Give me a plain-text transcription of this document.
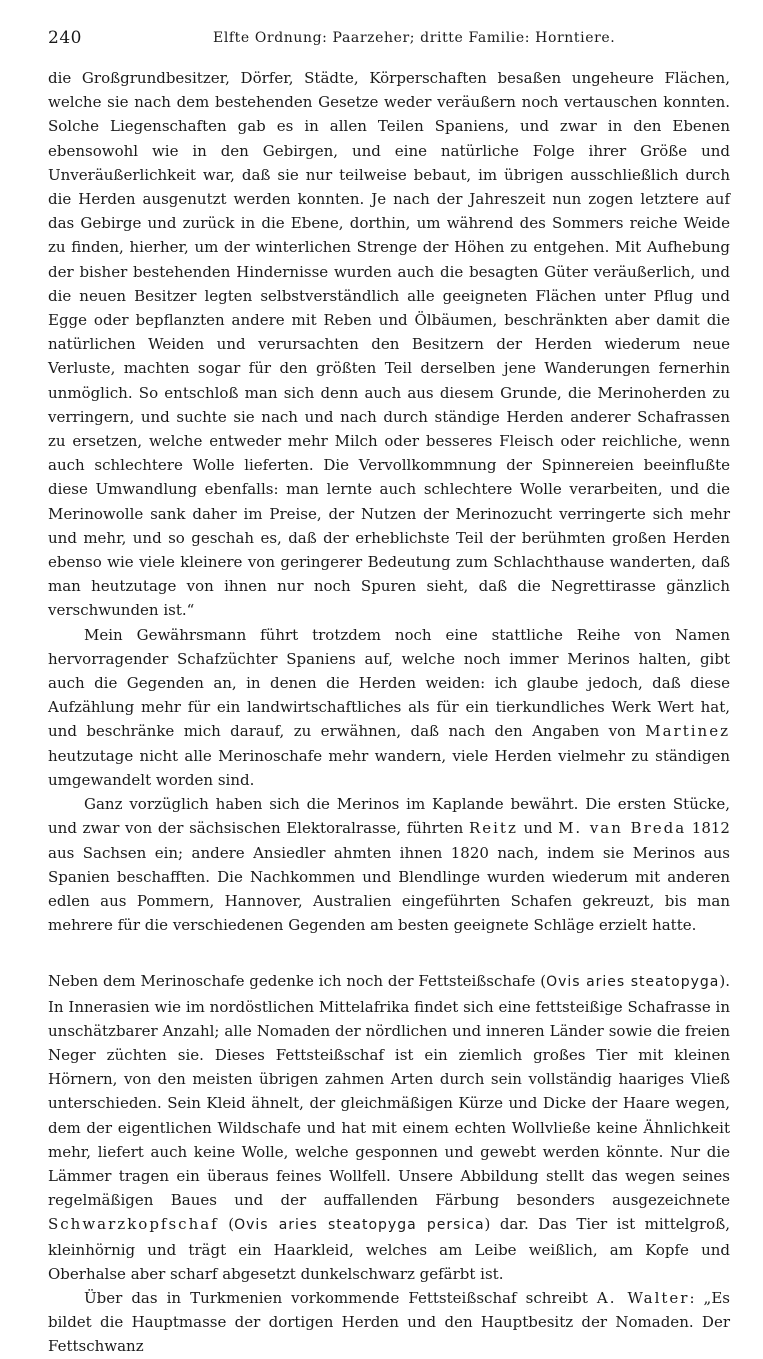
240	Elfte Ordnung: Paarzeher; dritte Familie: Horntiere.

die Großgrundbesitzer, Dörfer, Städte, Körperschaften besaßen ungeheure Flächen, welche sie nach dem bestehenden Gesetze weder veräußern noch vertauschen konnten. Solche Liegenschaften gab es in allen Teilen Spaniens, und zwar in den Ebenen ebensowohl wie in den Gebirgen, und eine natürliche Folge ihrer Größe und Unveräußerlichkeit war, daß sie nur teilweise bebaut, im übrigen ausschließlich durch die Herden ausgenutzt werden konnten. Je nach der Jahreszeit nun zogen letztere auf das Gebirge und zurück in die Ebene, dorthin, um während des Sommers reiche Weide zu finden, hierher, um der winterlichen Strenge der Höhen zu entgehen. Mit Aufhebung der bisher bestehenden Hindernisse wurden auch die besagten Güter veräußerlich, und die neuen Besitzer legten selbstverständlich alle geeigneten Flächen unter Pflug und Egge oder bepflanzten andere mit Reben und Ölbäumen, beschränkten aber damit die natürlichen Weiden und verursachten den Besitzern der Herden wiederum neue Verluste, machten sogar für den größten Teil derselben jene Wanderungen fernerhin unmöglich. So entschloß man sich denn auch aus diesem Grunde, die Merinoherden zu verringern, und suchte sie nach und nach durch ständige Herden anderer Schafrassen zu ersetzen, welche entweder mehr Milch oder besseres Fleisch oder reichliche, wenn auch schlechtere Wolle lieferten. Die Vervollkommnung der Spinnereien beeinflußte diese Umwandlung ebenfalls: man lernte auch schlechtere Wolle verarbeiten, und die Merinowolle sank daher im Preise, der Nutzen der Merinozucht verringerte sich mehr und mehr, und so geschah es, daß der erheblichste Teil der berühmten großen Herden ebenso wie viele kleinere von geringerer Bedeutung zum Schlachthause wanderten, daß man heutzutage von ihnen nur noch Spuren sieht, daß die Negrettirasse gänzlich verschwunden ist.“

Mein Gewährsmann führt trotzdem noch eine stattliche Reihe von Namen hervorragender Schafzüchter Spaniens auf, welche noch immer Merinos halten, gibt auch die Gegenden an, in denen die Herden weiden: ich glaube jedoch, daß diese Aufzählung mehr für ein landwirtschaftliches als für ein tierkundliches Werk Wert hat, und beschränke mich darauf, zu erwähnen, daß nach den Angaben von Martinez heutzutage nicht alle Merinoschafe mehr wandern, viele Herden vielmehr zu ständigen umgewandelt worden sind.

Ganz vorzüglich haben sich die Merinos im Kaplande bewährt. Die ersten Stücke, und zwar von der sächsischen Elektoralrasse, führten Reitz und M. van Breda 1812 aus Sachsen ein; andere Ansiedler ahmten ihnen 1820 nach, indem sie Merinos aus Spanien beschafften. Die Nachkommen und Blendlinge wurden wiederum mit anderen edlen aus Pommern, Hannover, Australien eingeführten Schafen gekreuzt, bis man mehrere für die verschiedenen Gegenden am besten geeignete Schläge erzielt hatte.

Neben dem Merinoschafe gedenke ich noch der Fettsteißschafe (Ovis aries steatopyga). In Innerasien wie im nordöstlichen Mittelafrika findet sich eine fettsteißige Schafrasse in unschätzbarer Anzahl; alle Nomaden der nördlichen und inneren Länder sowie die freien Neger züchten sie. Dieses Fettsteißschaf ist ein ziemlich großes Tier mit kleinen Hörnern, von den meisten übrigen zahmen Arten durch sein vollständig haariges Vließ unterschieden. Sein Kleid ähnelt, der gleichmäßigen Kürze und Dicke der Haare wegen, dem der eigentlichen Wildschafe und hat mit einem echten Wollvließe keine Ähnlichkeit mehr, liefert auch keine Wolle, welche gesponnen und gewebt werden könnte. Nur die Lämmer tragen ein überaus feines Wollfell. Unsere Abbildung stellt das wegen seines regelmäßigen Baues und der auffallenden Färbung besonders ausgezeichnete Schwarzkopfschaf (Ovis aries steatopyga persica) dar. Das Tier ist mittelgroß, kleinhörnig und trägt ein Haarkleid, welches am Leibe weißlich, am Kopfe und Oberhalse aber scharf abgesetzt dunkelschwarz gefärbt ist.

Über das in Turkmenien vorkommende Fettsteißschaf schreibt A. Walter: „Es bildet die Hauptmasse der dortigen Herden und den Hauptbesitz der Nomaden. Der Fettschwanz
